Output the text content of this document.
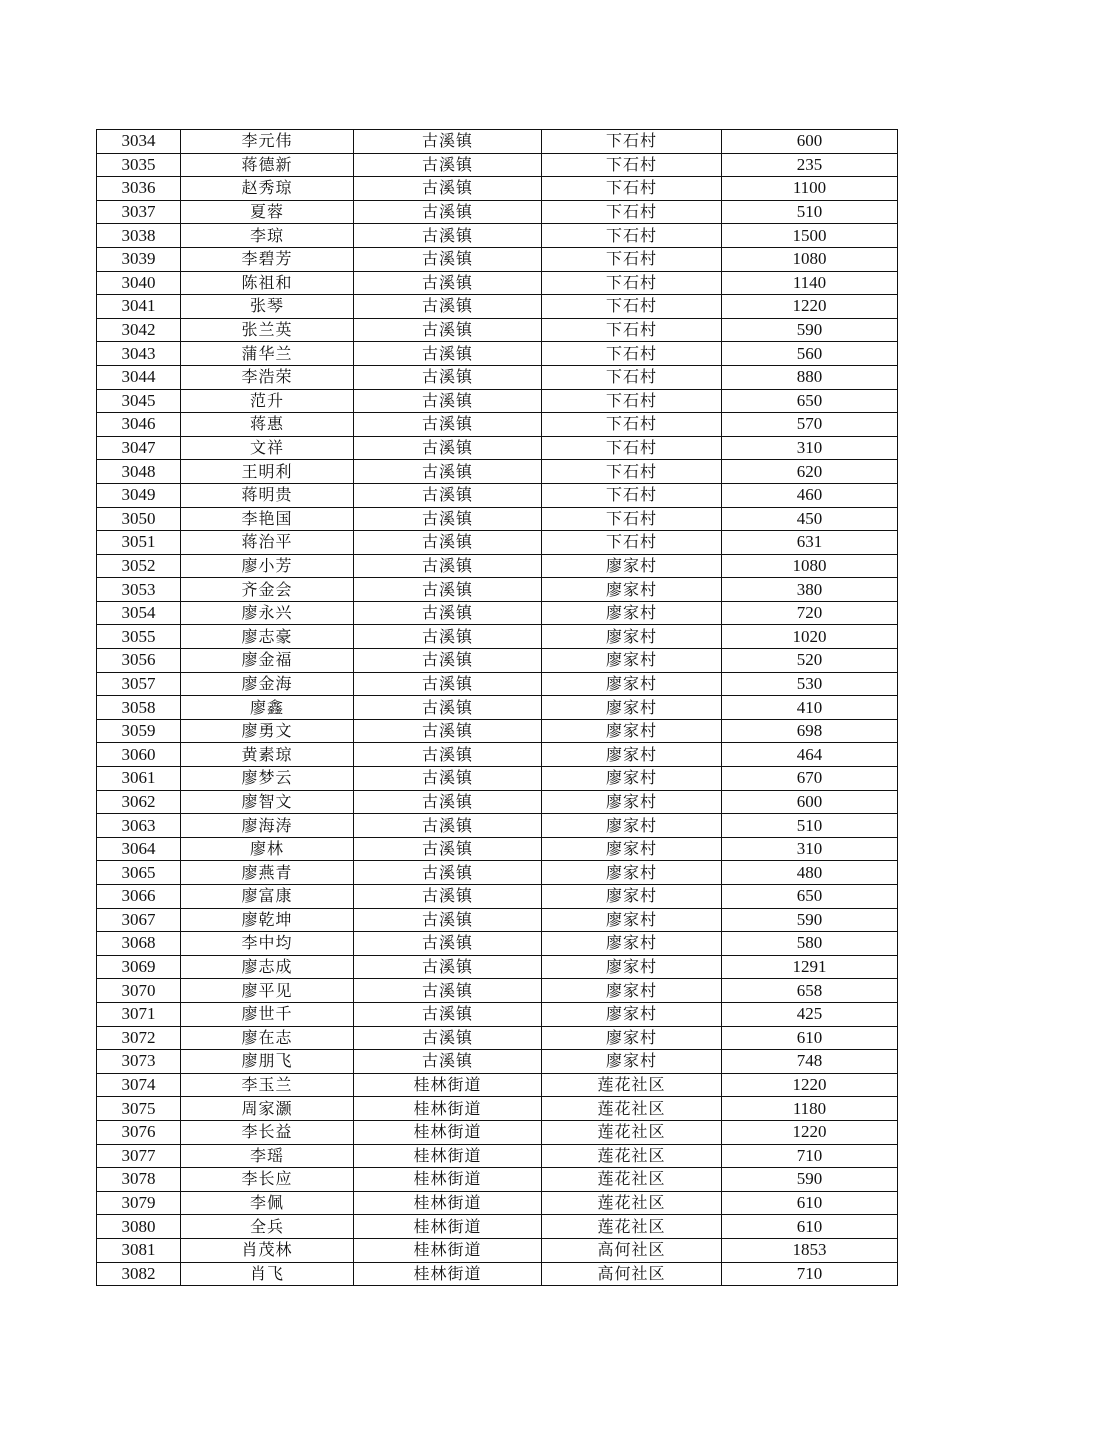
3034	李元伟	古溪镇	下石村	600
3035	蒋德新	古溪镇	下石村	235
3036	赵秀琼	古溪镇	下石村	1100
3037	夏蓉	古溪镇	下石村	510
3038	李琼	古溪镇	下石村	1500
3039	李碧芳	古溪镇	下石村	1080
3040	陈祖和	古溪镇	下石村	1140
3041	张琴	古溪镇	下石村	1220
3042	张兰英	古溪镇	下石村	590
3043	蒲华兰	古溪镇	下石村	560
3044	李浩荣	古溪镇	下石村	880
3045	范升	古溪镇	下石村	650
3046	蒋惠	古溪镇	下石村	570
3047	文祥	古溪镇	下石村	310
3048	王明利	古溪镇	下石村	620
3049	蒋明贵	古溪镇	下石村	460
3050	李艳国	古溪镇	下石村	450
3051	蒋治平	古溪镇	下石村	631
3052	廖小芳	古溪镇	廖家村	1080
3053	齐金会	古溪镇	廖家村	380
3054	廖永兴	古溪镇	廖家村	720
3055	廖志豪	古溪镇	廖家村	1020
3056	廖金福	古溪镇	廖家村	520
3057	廖金海	古溪镇	廖家村	530
3058	廖鑫	古溪镇	廖家村	410
3059	廖勇文	古溪镇	廖家村	698
3060	黄素琼	古溪镇	廖家村	464
3061	廖梦云	古溪镇	廖家村	670
3062	廖智文	古溪镇	廖家村	600
3063	廖海涛	古溪镇	廖家村	510
3064	廖林	古溪镇	廖家村	310
3065	廖燕青	古溪镇	廖家村	480
3066	廖富康	古溪镇	廖家村	650
3067	廖乾坤	古溪镇	廖家村	590
3068	李中均	古溪镇	廖家村	580
3069	廖志成	古溪镇	廖家村	1291
3070	廖平见	古溪镇	廖家村	658
3071	廖世千	古溪镇	廖家村	425
3072	廖在志	古溪镇	廖家村	610
3073	廖朋飞	古溪镇	廖家村	748
3074	李玉兰	桂林街道	莲花社区	1220
3075	周家灏	桂林街道	莲花社区	1180
3076	李长益	桂林街道	莲花社区	1220
3077	李瑶	桂林街道	莲花社区	710
3078	李长应	桂林街道	莲花社区	590
3079	李佩	桂林街道	莲花社区	610
3080	全兵	桂林街道	莲花社区	610
3081	肖茂林	桂林街道	高何社区	1853
3082	肖飞	桂林街道	高何社区	710
